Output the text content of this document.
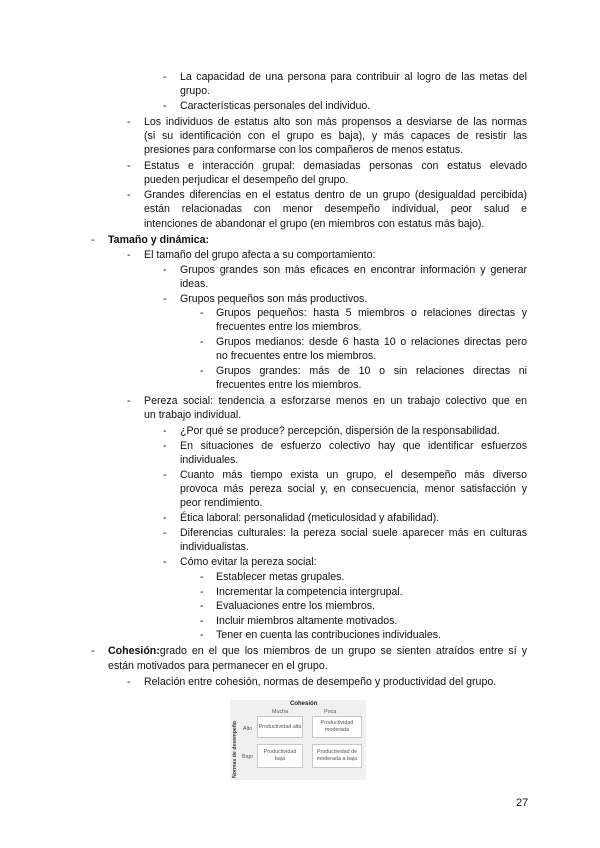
- La capacidad de una persona para contribuir al logro de las metas del
grupo.
- Características personales del individuo.
- Los individuos de estatus alto son más propensos a desviarse de las normas
(si su identificación con el grupo es baja), y más capaces de resistir las
presiones para conformarse con los compañeros de menos estatus.
- Estatus e interacción grupal: demasiadas personas con estatus elevado
pueden perjudicar el desempeño del grupo.
- Grandes diferencias en el estatus dentro de un grupo (desigualdad percibida)
están relacionadas con menor desempeño individual, peor salud e
intenciones de abandonar el grupo (en miembros con estatus más bajo).
- Tamaño y dinámica:
- El tamaño del grupo afecta a su comportamiento:
- Grupos grandes son más eficaces en encontrar información y generar
ideas.
- Grupos pequeños son más productivos.
- Grupos pequeños: hasta 5 miembros o relaciones directas y
frecuentes entre los miembros.
- Grupos medianos: desde 6 hasta 10 o relaciones directas pero
no frecuentes entre los miembros.
- Grupos grandes: más de 10 o sin relaciones directas ni
frecuentes entre los miembros.
- Pereza social: tendencia a esforzarse menos en un trabajo colectivo que en
un trabajo individual.
- ¿Por qué se produce? percepción, dispersión de la responsabilidad.
- En situaciones de esfuerzo colectivo hay que identificar esfuerzos
individuales.
- Cuanto más tiempo exista un grupo, el desempeño más diverso
provoca más pereza social y, en consecuencia, menor satisfacción y
peor rendimiento.
- Ética laboral: personalidad (meticulosidad y afabilidad).
- Diferencias culturales: la pereza social suele aparecer más en culturas
individualistas.
- Cómo evitar la pereza social:
- Establecer metas grupales.
- Incrementar la competencia intergrupal.
- Evaluaciones entre los miembros.
- Incluir miembros altamente motivados.
- Tener en cuenta las contribuciones individuales.
- Cohesión: grado en el que los miembros de un grupo se sienten atraídos entre sí y
están motivados para permanecer en el grupo.
- Relación entre cohesión, normas de desempeño y productividad del grupo.
Cohesión
Mucha	Poca
Normas de desempeño Alto
Bajo
Productividad alta
Productividad moderada
Productividad baja
Productividad de moderada a baja
27
